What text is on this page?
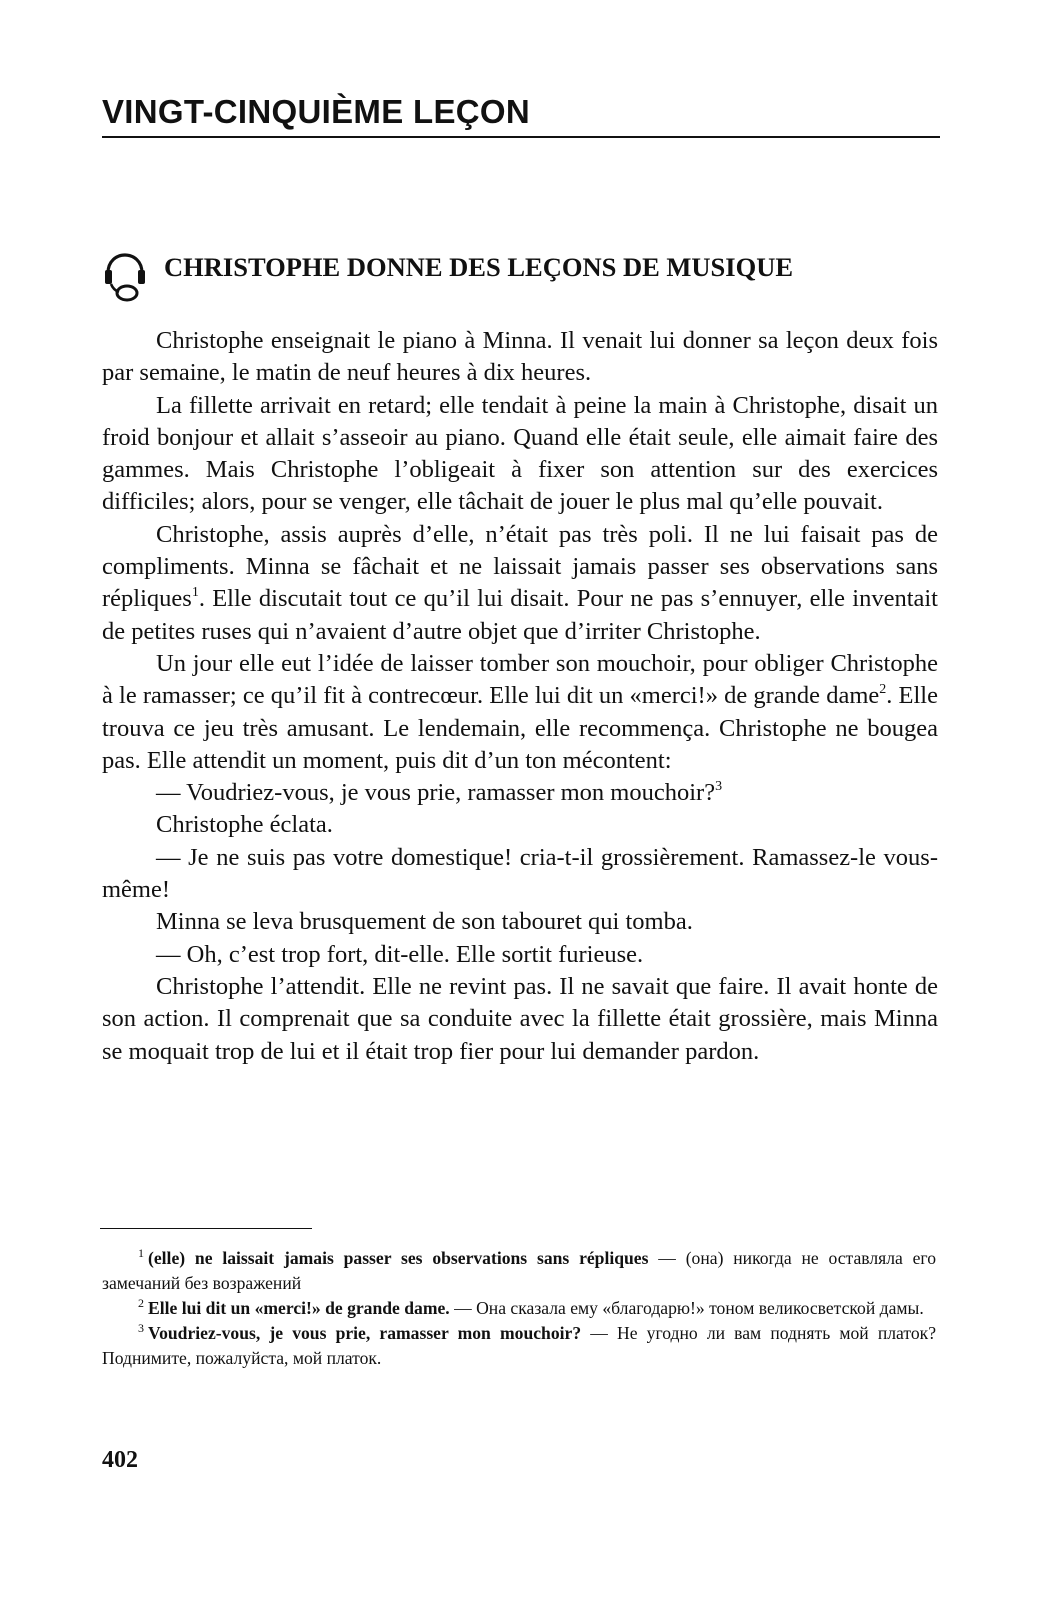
VINGT-CINQUIÈME LEÇON
CHRISTOPHE DONNE DES LEÇONS DE MUSIQUE

Christophe enseignait le piano à Minna. Il venait lui donner sa leçon deux fois par semaine, le matin de neuf heures à dix heures.

La fillette arrivait en retard; elle tendait à peine la main à Christophe, disait un froid bonjour et allait s’asseoir au piano. Quand elle était seule, elle aimait faire des gammes. Mais Christophe l’obligeait à fixer son attention sur des exercices difficiles; alors, pour se venger, elle tâchait de jouer le plus mal qu’elle pouvait.

Christophe, assis auprès d’elle, n’était pas très poli. Il ne lui faisait pas de compliments. Minna se fâchait et ne laissait jamais passer ses observations sans répliques$^1$. Elle discutait tout ce qu’il lui disait. Pour ne pas s’ennuyer, elle inventait de petites ruses qui n’avaient d’autre objet que d’irriter Christophe.

Un jour elle eut l’idée de laisser tomber son mouchoir, pour obliger Christophe à le ramasser; ce qu’il fit à contrecœur. Elle lui dit un «merci!» de grande dame$^2$. Elle trouva ce jeu très amusant. Le lendemain, elle recommença. Christophe ne bougea pas. Elle attendit un moment, puis dit d’un ton mécontent:

— Voudriez-vous, je vous prie, ramasser mon mouchoir?$^3$

Christophe éclata.

— Je ne suis pas votre domestique! cria-t-il grossièrement. Ramassez-le vous-même!

Minna se leva brusquement de son tabouret qui tomba.

— Oh, c’est trop fort, dit-elle. Elle sortit furieuse.

Christophe l’attendit. Elle ne revint pas. Il ne savait que faire. Il avait honte de son action. Il comprenait que sa conduite avec la fillette était grossière, mais Minna se moquait trop de lui et il était trop fier pour lui demander pardon.

$^1$ (elle) ne laissait jamais passer ses observations sans répliques — (она) никогда не оставляла его замечаний без возражений

$^2$ Elle lui dit un «merci!» de grande dame. — Она сказала ему «благодарю!» тоном великосветской дамы.

$^3$ Voudriez-vous, je vous prie, ramasser mon mouchoir? — Не угодно ли вам поднять мой платок? Поднимите, пожалуйста, мой платок.

402
